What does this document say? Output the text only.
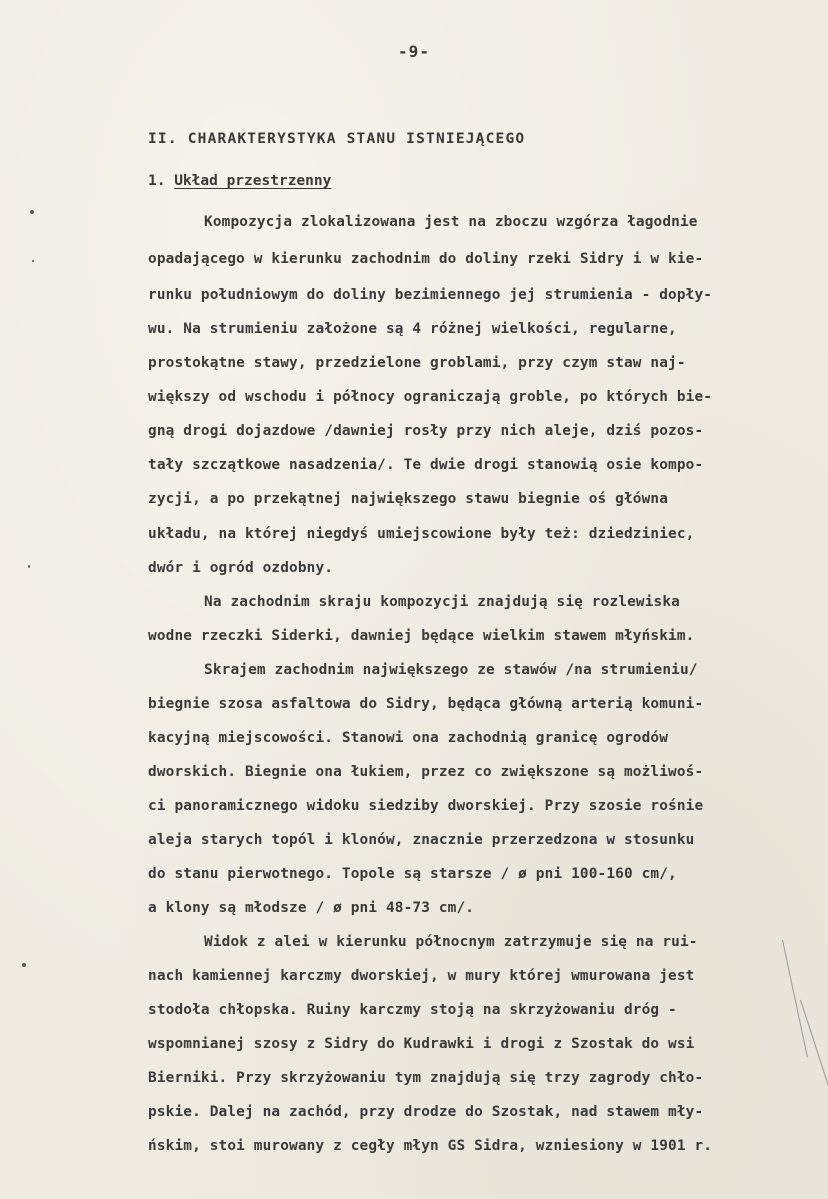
-9-
II. CHARAKTERYSTYKA STANU ISTNIEJĄCEGO
1. Układ przestrzenny
Kompozycja zlokalizowana jest na zboczu wzgórza łagodnie
opadającego w kierunku zachodnim do doliny rzeki Sidry i w kie-
runku południowym do doliny bezimiennego jej strumienia - dopły-
wu. Na strumieniu założone są 4 różnej wielkości, regularne,
prostokątne stawy, przedzielone groblami, przy czym staw naj-
większy od wschodu i północy ograniczają groble, po których bie-
gną drogi dojazdowe /dawniej rosły przy nich aleje, dziś pozos-
tały szczątkowe nasadzenia/. Te dwie drogi stanowią osie kompo-
zycji, a po przekątnej największego stawu biegnie oś główna
układu, na której niegdyś umiejscowione były też: dziedziniec,
dwór i ogród ozdobny.
Na zachodnim skraju kompozycji znajdują się rozlewiska
wodne rzeczki Siderki, dawniej będące wielkim stawem młyńskim.
Skrajem zachodnim największego ze stawów /na strumieniu/
biegnie szosa asfaltowa do Sidry, będąca główną arterią komuni-
kacyjną miejscowości. Stanowi ona zachodnią granicę ogrodów
dworskich. Biegnie ona łukiem, przez co zwiększone są możliwoś-
ci panoramicznego widoku siedziby dworskiej. Przy szosie rośnie
aleja starych topól i klonów, znacznie przerzedzona w stosunku
do stanu pierwotnego. Topole są starsze / ø pni 100-160 cm/,
a klony są młodsze / ø pni 48-73 cm/.
Widok z alei w kierunku północnym zatrzymuje się na rui-
nach kamiennej karczmy dworskiej, w mury której wmurowana jest
stodoła chłopska. Ruiny karczmy stoją na skrzyżowaniu dróg -
wspomnianej szosy z Sidry do Kudrawki i drogi z Szostak do wsi
Bierniki. Przy skrzyżowaniu tym znajdują się trzy zagrody chło-
pskie. Dalej na zachód, przy drodze do Szostak, nad stawem mły-
ńskim, stoi murowany z cegły młyn GS Sidra, wzniesiony w 1901 r.
